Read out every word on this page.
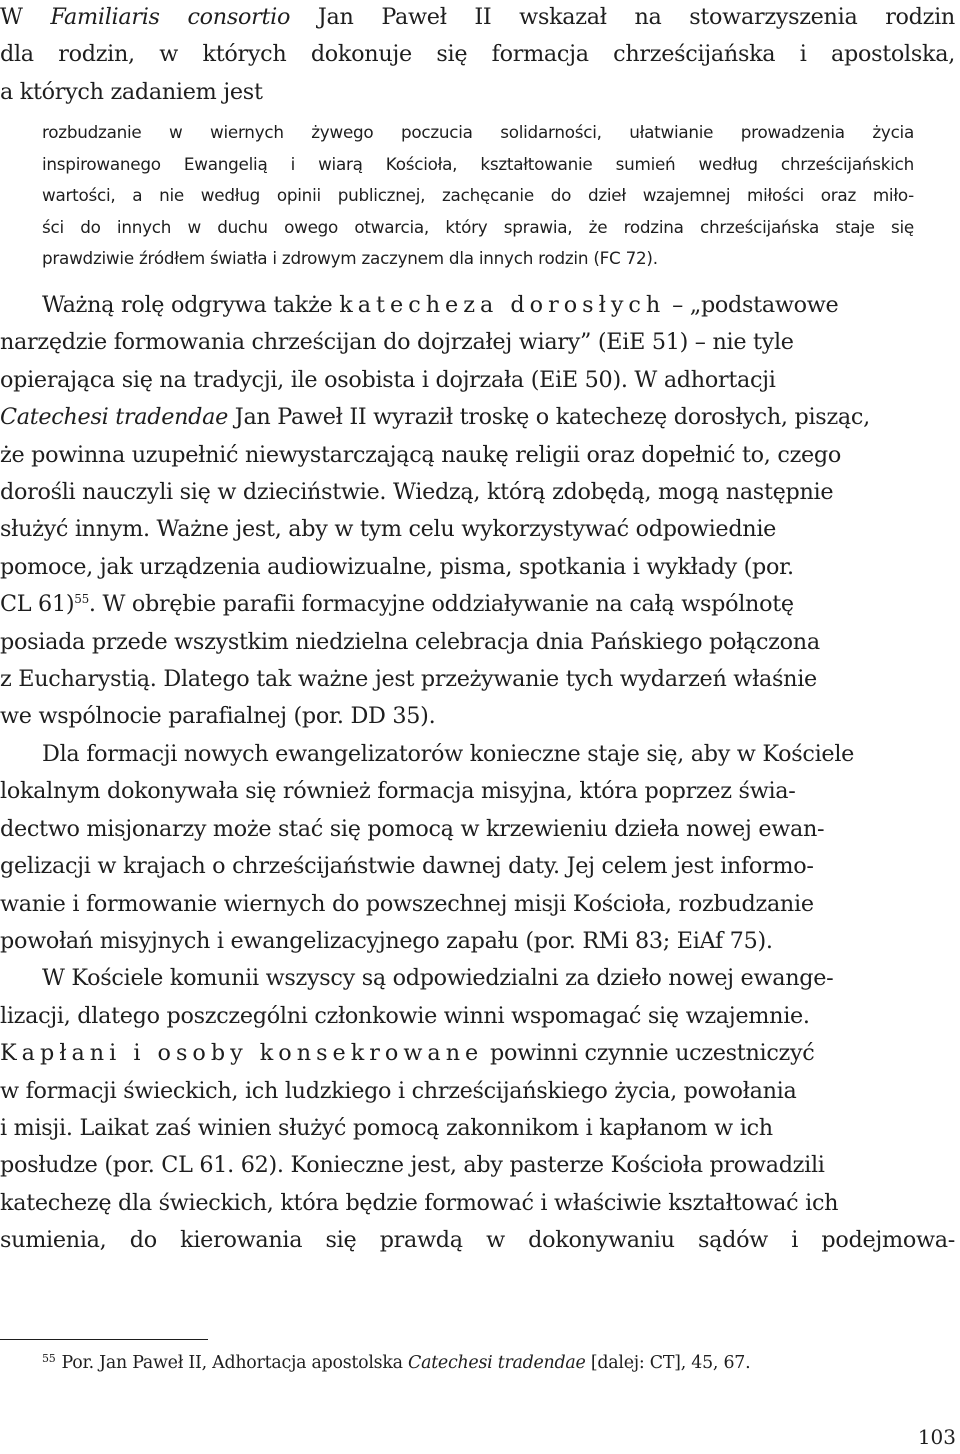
W Familiaris consortio Jan Paweł II wskazał na stowarzyszenia rodzin
dla rodzin, w których dokonuje się formacja chrześcijańska i apostolska,
a których zadaniem jest
rozbudzanie w wiernych żywego poczucia solidarności, ułatwianie prowadzenia życia
inspirowanego Ewangelią i wiarą Kościoła, kształtowanie sumień według chrześcijańskich
wartości, a nie według opinii publicznej, zachęcanie do dzieł wzajemnej miłości oraz miło-
ści do innych w duchu owego otwarcia, który sprawia, że rodzina chrześcijańska staje się
prawdziwie źródłem światła i zdrowym zaczynem dla innych rodzin (FC 72).
Ważną rolę odgrywa także katecheza dorosłych – „podstawowe
narzędzie formowania chrześcijan do dojrzałej wiary” (EiE 51) – nie tyle
opierająca się na tradycji, ile osobista i dojrzała (EiE 50). W adhortacji
Catechesi tradendae Jan Paweł II wyraził troskę o katechezę dorosłych, pisząc,
że powinna uzupełnić niewystarczającą naukę religii oraz dopełnić to, czego
dorośli nauczyli się w dzieciństwie. Wiedzą, którą zdobędą, mogą następnie
służyć innym. Ważne jest, aby w tym celu wykorzystywać odpowiednie
pomoce, jak urządzenia audiowizualne, pisma, spotkania i wykłady (por.
CL 61)$^{55}$. W obrębie parafii formacyjne oddziaływanie na całą wspólnotę
posiada przede wszystkim niedzielna celebracja dnia Pańskiego połączona
z Eucharystią. Dlatego tak ważne jest przeżywanie tych wydarzeń właśnie
we wspólnocie parafialnej (por. DD 35).
Dla formacji nowych ewangelizatorów konieczne staje się, aby w Kościele
lokalnym dokonywała się również formacja misyjna, która poprzez świa-
dectwo misjonarzy może stać się pomocą w krzewieniu dzieła nowej ewan-
gelizacji w krajach o chrześcijaństwie dawnej daty. Jej celem jest informo-
wanie i formowanie wiernych do powszechnej misji Kościoła, rozbudzanie
powołań misyjnych i ewangelizacyjnego zapału (por. RMi 83; EiAf 75).
W Kościele komunii wszyscy są odpowiedzialni za dzieło nowej ewange-
lizacji, dlatego poszczególni członkowie winni wspomagać się wzajemnie.
Kapłani i osoby konsekrowane powinni czynnie uczestniczyć
w formacji świeckich, ich ludzkiego i chrześcijańskiego życia, powołania
i misji. Laikat zaś winien służyć pomocą zakonnikom i kapłanom w ich
posłudze (por. CL 61. 62). Konieczne jest, aby pasterze Kościoła prowadzili
katechezę dla świeckich, która będzie formować i właściwie kształtować ich
sumienia, do kierowania się prawdą w dokonywaniu sądów i podejmowa-

$^{55}$ Por. Jan Paweł II, Adhortacja apostolska Catechesi tradendae [dalej: CT], 45, 67.

103
